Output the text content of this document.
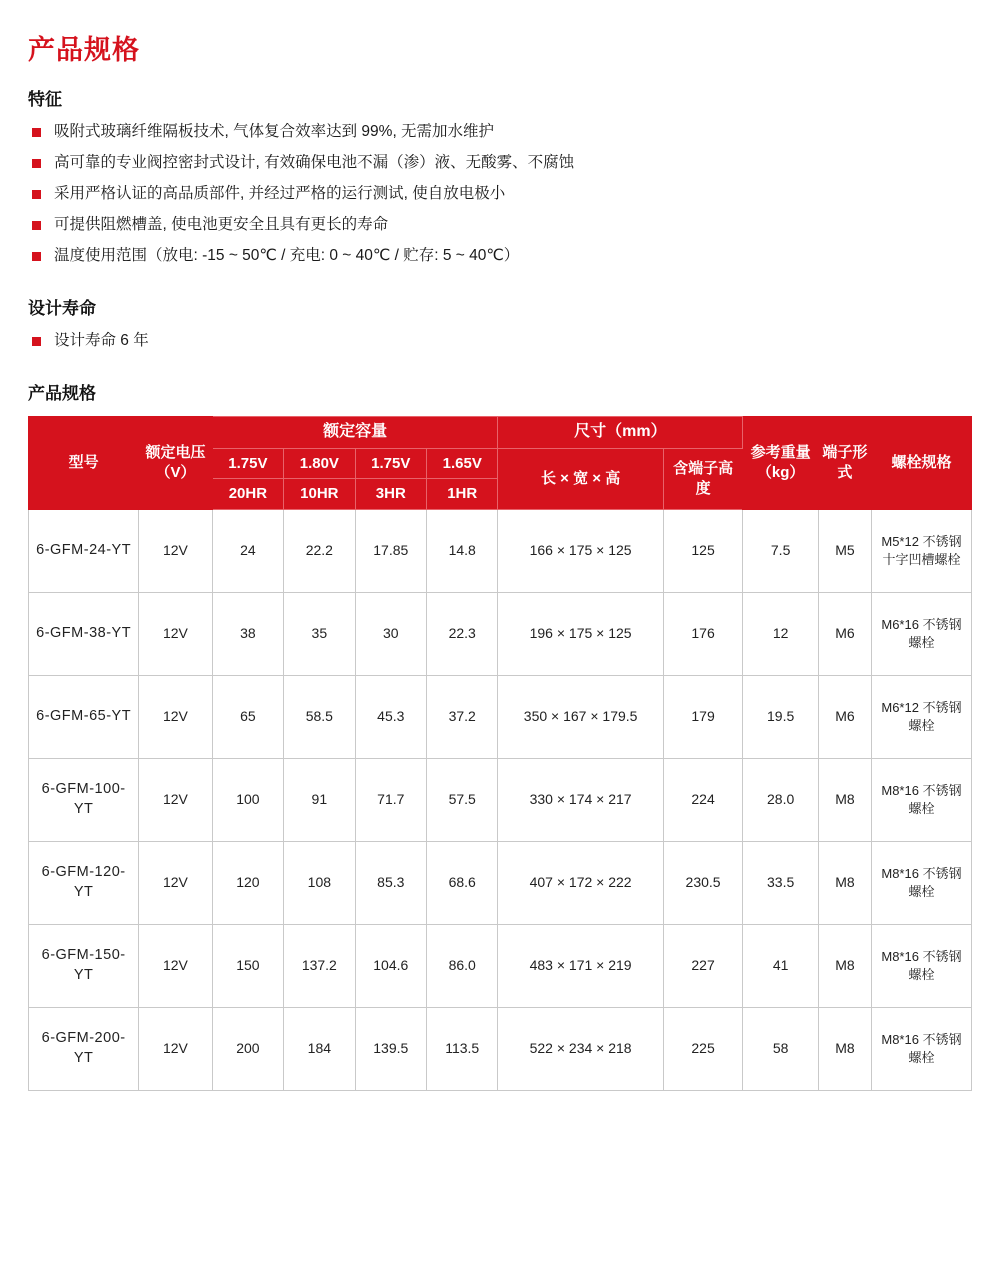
产品规格
特征
吸附式玻璃纤维隔板技术, 气体复合效率达到 99%, 无需加水维护
高可靠的专业阀控密封式设计, 有效确保电池不漏（渗）液、无酸雾、不腐蚀
采用严格认证的高品质部件, 并经过严格的运行测试, 使自放电极小
可提供阻燃槽盖, 使电池更安全且具有更长的寿命
温度使用范围（放电: -15 ~ 50℃ / 充电: 0 ~ 40℃ / 贮存: 5 ~ 40℃）
设计寿命
设计寿命 6 年
产品规格
型号	额定电压（V）	额定容量				尺寸（mm）		参考重量（kg）	端子形式	螺栓规格
		1.75V	1.80V	1.75V	1.65V	长 × 宽 × 高	含端子高度			
		20HR	10HR	3HR	1HR					
6-GFM-24-YT	12V	24	22.2	17.85	14.8	166 × 175 × 125	125	7.5	M5	M5*12 不锈钢十字凹槽螺栓
6-GFM-38-YT	12V	38	35	30	22.3	196 × 175 × 125	176	12	M6	M6*16 不锈钢螺栓
6-GFM-65-YT	12V	65	58.5	45.3	37.2	350 × 167 × 179.5	179	19.5	M6	M6*12 不锈钢螺栓
6-GFM-100-YT	12V	100	91	71.7	57.5	330 × 174 × 217	224	28.0	M8	M8*16 不锈钢螺栓
6-GFM-120-YT	12V	120	108	85.3	68.6	407 × 172 × 222	230.5	33.5	M8	M8*16 不锈钢螺栓
6-GFM-150-YT	12V	150	137.2	104.6	86.0	483 × 171 × 219	227	41	M8	M8*16 不锈钢螺栓
6-GFM-200-YT	12V	200	184	139.5	113.5	522 × 234 × 218	225	58	M8	M8*16 不锈钢螺栓
